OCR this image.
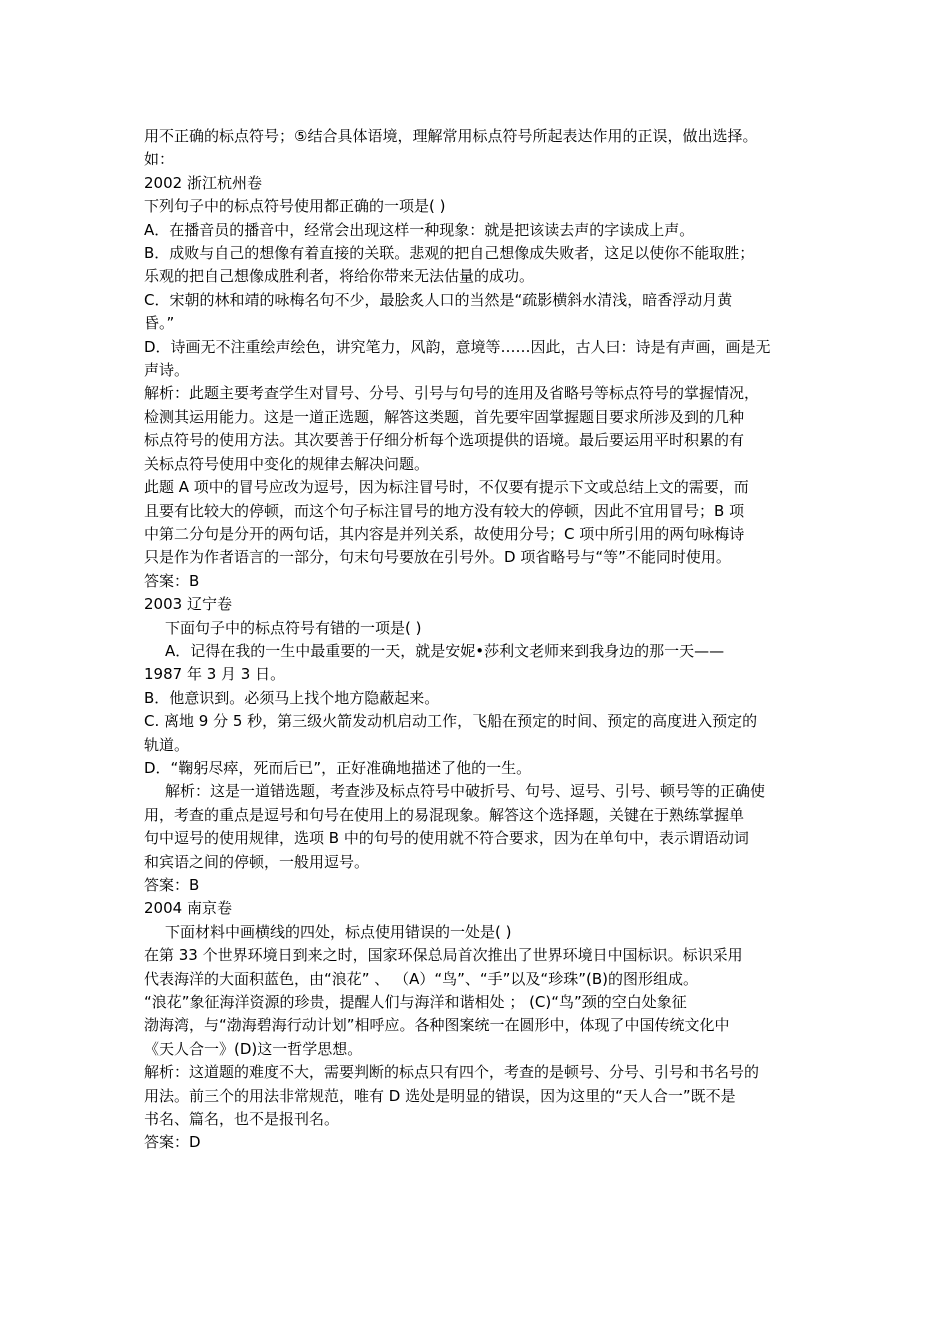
用不正确的标点符号；⑤结合具体语境，理解常用标点符号所起表达作用的正误，做出选择。

如：

2002 浙江杭州卷

下列句子中的标点符号使用都正确的一项是( )

A．在播音员的播音中，经常会出现这样一种现象：就是把该读去声的字读成上声。

B．成败与自己的想像有着直接的关联。悲观的把自己想像成失败者，这足以使你不能取胜；

乐观的把自己想像成胜利者，将给你带来无法估量的成功。

C．宋朝的林和靖的咏梅名句不少，最脍炙人口的当然是“疏影横斜水清浅，暗香浮动月黄

昏。”

D．诗画无不注重绘声绘色，讲究笔力，风韵，意境等……因此，古人曰：诗是有声画，画是无

声诗。

解析：此题主要考查学生对冒号、分号、引号与句号的连用及省略号等标点符号的掌握情况，

检测其运用能力。这是一道正选题，解答这类题，首先要牢固掌握题目要求所涉及到的几种

标点符号的使用方法。其次要善于仔细分析每个选项提供的语境。最后要运用平时积累的有

关标点符号使用中变化的规律去解决问题。

此题 A 项中的冒号应改为逗号，因为标注冒号时，不仅要有提示下文或总结上文的需要，而

且要有比较大的停顿，而这个句子标注冒号的地方没有较大的停顿，因此不宜用冒号；B 项

中第二分句是分开的两句话，其内容是并列关系，故使用分号；C 项中所引用的两句咏梅诗

只是作为作者语言的一部分，句末句号要放在引号外。D 项省略号与“等”不能同时使用。

答案：B

2003 辽宁卷

下面句子中的标点符号有错的一项是( )

A．记得在我的一生中最重要的一天，就是安妮•莎利文老师来到我身边的那一天——

1987 年 3 月 3 日。

B．他意识到。必须马上找个地方隐蔽起来。

C. 离地 9 分 5 秒，第三级火箭发动机启动工作，飞船在预定的时间、预定的高度进入预定的

轨道。

D．“鞠躬尽瘁，死而后已”，正好准确地描述了他的一生。

解析：这是一道错选题，考查涉及标点符号中破折号、句号、逗号、引号、顿号等的正确使

用，考查的重点是逗号和句号在使用上的易混现象。解答这个选择题，关键在于熟练掌握单

句中逗号的使用规律，选项 B 中的句号的使用就不符合要求，因为在单句中，表示谓语动词

和宾语之间的停顿，一般用逗号。

答案：B

2004 南京卷

下面材料中画横线的四处，标点使用错误的一处是( )

在第 33 个世界环境日到来之时，国家环保总局首次推出了世界环境日中国标识。标识采用

代表海洋的大面积蓝色，由“浪花” 、 （A）“鸟”、“手”以及“珍珠”(B)的图形组成。

“浪花”象征海洋资源的珍贵，提醒人们与海洋和谐相处 ； (C)“鸟”颈的空白处象征

渤海湾，与“渤海碧海行动计划”相呼应。各种图案统一在圆形中，体现了中国传统文化中

《天人合一》(D)这一哲学思想。

解析：这道题的难度不大，需要判断的标点只有四个，考查的是顿号、分号、引号和书名号的

用法。前三个的用法非常规范，唯有 D 选处是明显的错误，因为这里的“天人合一”既不是

书名、篇名，也不是报刊名。

答案：D
